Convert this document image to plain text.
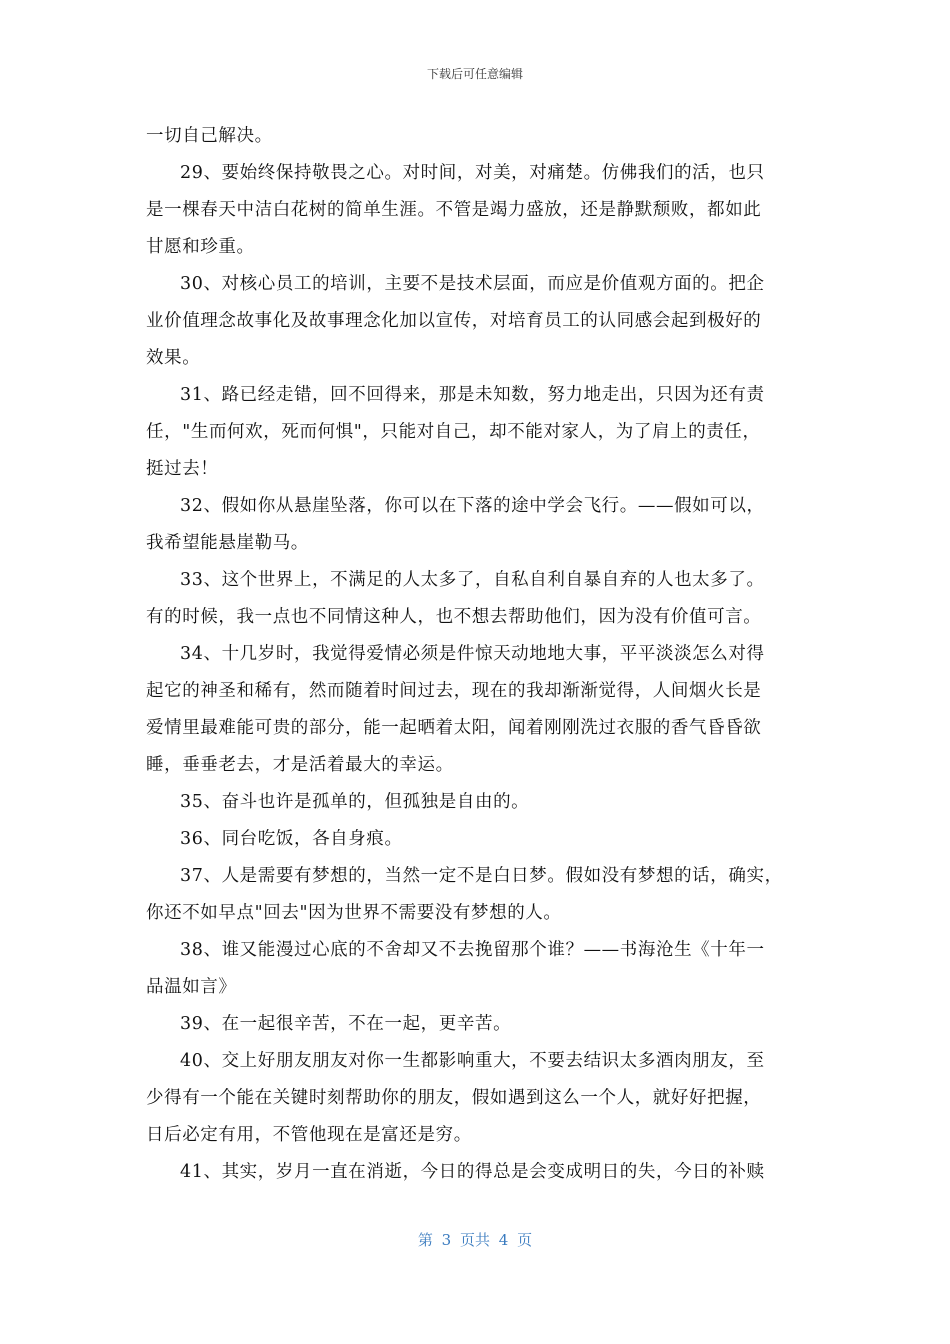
下载后可任意编辑
一切自己解决。
29、要始终保持敬畏之心。对时间，对美，对痛楚。仿佛我们的活，也只
是一棵春天中洁白花树的简单生涯。不管是竭力盛放，还是静默颓败，都如此
甘愿和珍重。
30、对核心员工的培训，主要不是技术层面，而应是价值观方面的。把企
业价值理念故事化及故事理念化加以宣传，对培育员工的认同感会起到极好的
效果。
31、路已经走错，回不回得来，那是未知数，努力地走出，只因为还有责
任，"生而何欢，死而何惧"，只能对自己，却不能对家人，为了肩上的责任，
挺过去！
32、假如你从悬崖坠落，你可以在下落的途中学会飞行。——假如可以，
我希望能悬崖勒马。
33、这个世界上，不满足的人太多了，自私自利自暴自弃的人也太多了。
有的时候，我一点也不同情这种人，也不想去帮助他们，因为没有价值可言。
34、十几岁时，我觉得爱情必须是件惊天动地地大事，平平淡淡怎么对得
起它的神圣和稀有，然而随着时间过去，现在的我却渐渐觉得，人间烟火长是
爱情里最难能可贵的部分，能一起晒着太阳，闻着刚刚洗过衣服的香气昏昏欲
睡，垂垂老去，才是活着最大的幸运。
35、奋斗也许是孤单的，但孤独是自由的。
36、同台吃饭，各自身痕。
37、人是需要有梦想的，当然一定不是白日梦。假如没有梦想的话，确实，
你还不如早点"回去"因为世界不需要没有梦想的人。
38、谁又能漫过心底的不舍却又不去挽留那个谁？——书海沧生《十年一
品温如言》
39、在一起很辛苦，不在一起，更辛苦。
40、交上好朋友朋友对你一生都影响重大，不要去结识太多酒肉朋友，至
少得有一个能在关键时刻帮助你的朋友，假如遇到这么一个人，就好好把握，
日后必定有用，不管他现在是富还是穷。
41、其实，岁月一直在消逝，今日的得总是会变成明日的失，今日的补赎
第 3 页共 4 页
